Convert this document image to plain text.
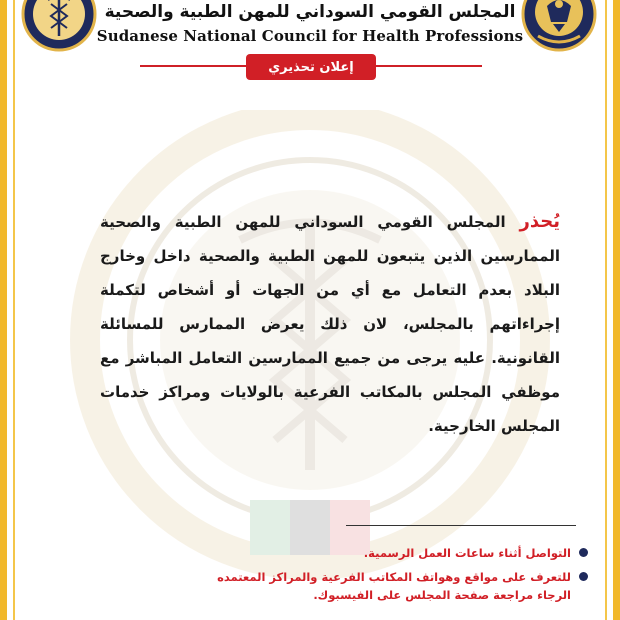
المجلس القومي السوداني للمهن الطبية والصحية
Sudanese National Council for Health Professions
إعلان تحذيري
يُحذر المجلس القومي السوداني للمهن الطبية والصحية الممارسين الذين يتبعون للمهن الطبية والصحية داخل وخارج البلاد بعدم التعامل مع أي من الجهات أو أشخاص لتكملة إجراءاتهم بالمجلس، لان ذلك يعرض الممارس للمسائلة القانونية. عليه يرجى من جميع الممارسين التعامل المباشر مع موظفي المجلس بالمكاتب الفرعية بالولايات ومراكز خدمات المجلس الخارجية.
التواصل أثناء ساعات العمل الرسمية.
للتعرف على مواقع وهواتف المكاتب الفرعية والمراكز المعتمده الرجاء مراجعة صفحة المجلس على الفيسبوك.
